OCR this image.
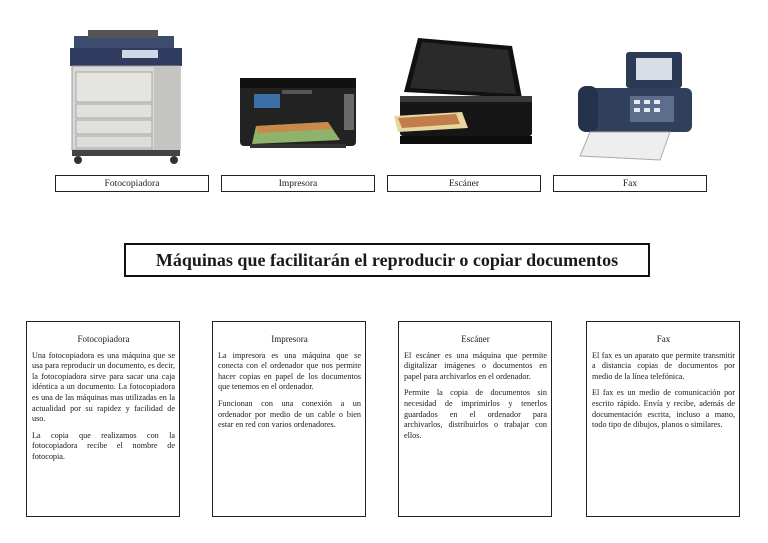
Fotocopiadora	Impresora	Escáner	Fax
Máquinas que facilitarán el reproducir o copiar documentos
Fotocopiadora

Una fotocopiadora es una máquina que se usa para reproducir un documento, es decir, la fotocopiadora sirve para sacar una caja idéntica a un documento. La fotocopiadora es una de las máquinas mas utilizadas en la actualidad por su rapidez y facilidad de uso.

La copia que realizamos con la fotocopiadora recibe el nombre de fotocopia.

Impresora

La impresora es una máquina que se conecta con el ordenador que nos permite hacer copias en papel de los documentos que tenemos en el ordenador.

Funcionan con una conexión a un ordenador por medio de un cable o bien estar en red con varios ordenadores.

Escáner

El escáner es una máquina que permite digitalizar imágenes o documentos en papel para archivarlos en el ordenador.

Permite la copia de documentos sin necesidad de imprimirlos y tenerlos guardados en el ordenador para archivarlos, distribuirlos o trabajar con ellos.

Fax

El fax es un aparato que permite transmitir a distancia copias de documentos por medio de la línea telefónica.

El fax es un medio de comunicación por escrito rápido. Envía y recibe, además de documentación escrita, incluso a mano, todo tipo de dibujos, planos o similares.
